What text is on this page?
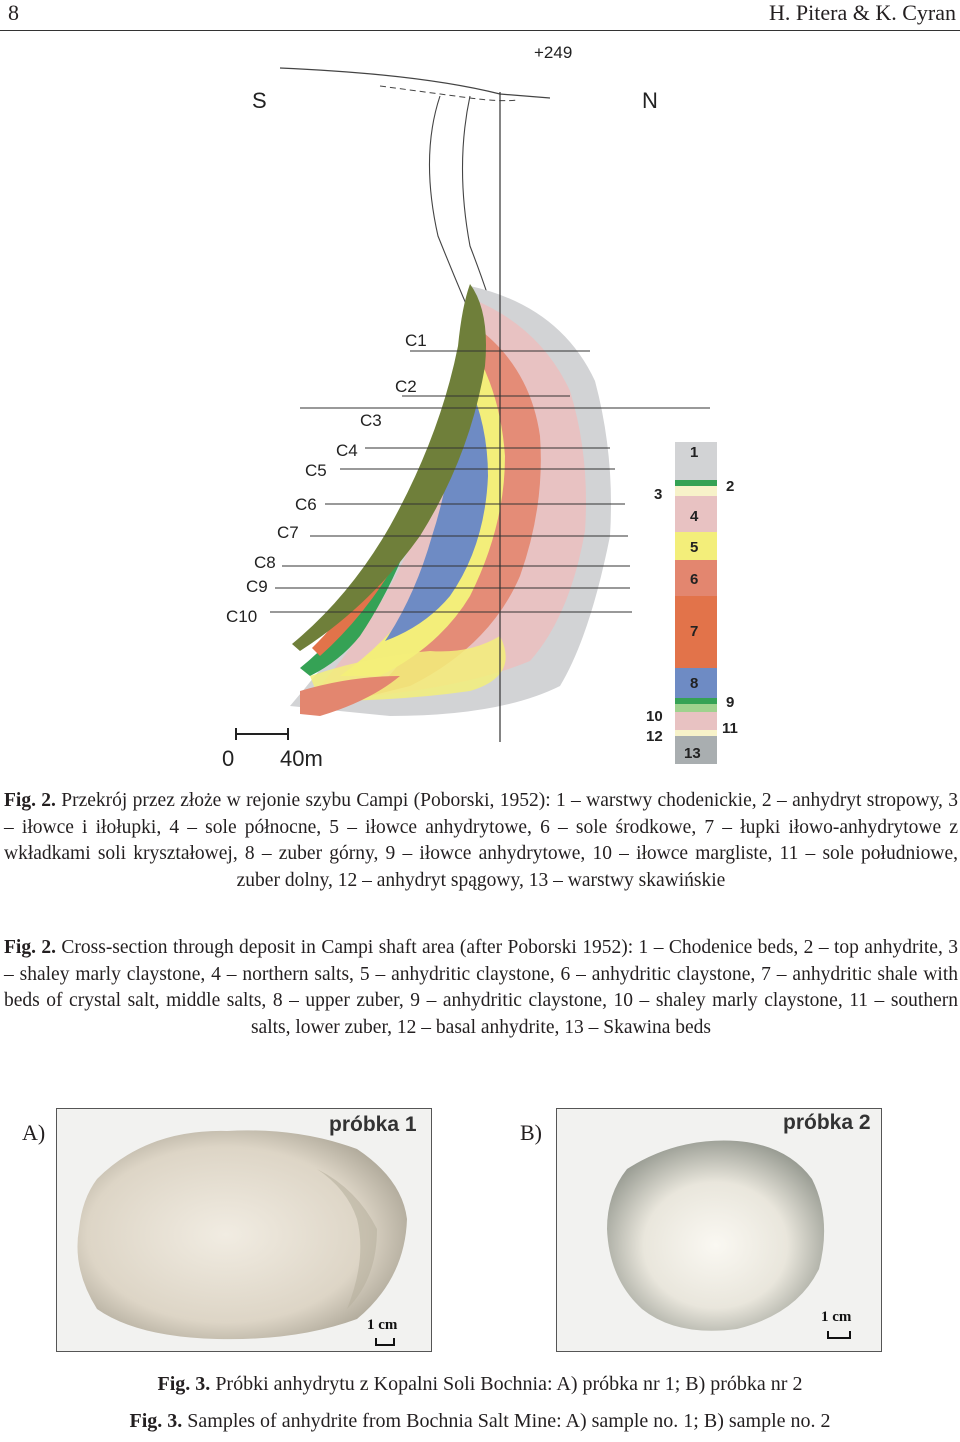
8	H. Pitera & K. Cyran
+249
S	N
C1
C2
C3
C4
C5
C6
C7
C8
C9
C10
0 40m
1
4
5
6
7
8
13
3
10
12
2
9
11
Fig. 2. Przekrój przez złoże w rejonie szybu Campi (Poborski, 1952): 1 – warstwy chodenickie, 2 – anhydryt stropowy, 3 – iłowce i iłołupki, 4 – sole północne, 5 – iłowce anhydrytowe, 6 – sole środkowe, 7 – łupki iłowo-anhydrytowe z wkładkami soli kryształowej, 8 – zuber górny, 9 – iłowce anhydrytowe, 10 – iłowce margliste, 11 – sole południowe, zuber dolny, 12 – anhydryt spągowy, 13 – warstwy skawińskie
Fig. 2. Cross-section through deposit in Campi shaft area (after Poborski 1952): 1 – Chodenice beds, 2 – top anhydrite, 3 – shaley marly claystone, 4 – northern salts, 5 – anhydritic claystone, 6 – anhydritic claystone, 7 – anhydritic shale with beds of crystal salt, middle salts, 8 – upper zuber, 9 – anhydritic claystone, 10 – shaley marly claystone, 11 – southern salts, lower zuber, 12 – basal anhydrite, 13 – Skawina beds
A)	próbka 1
1 cm
B)	próbka 2
1 cm
Fig. 3. Próbki anhydrytu z Kopalni Soli Bochnia: A) próbka nr 1; B) próbka nr 2
Fig. 3. Samples of anhydrite from Bochnia Salt Mine: A) sample no. 1; B) sample no. 2
